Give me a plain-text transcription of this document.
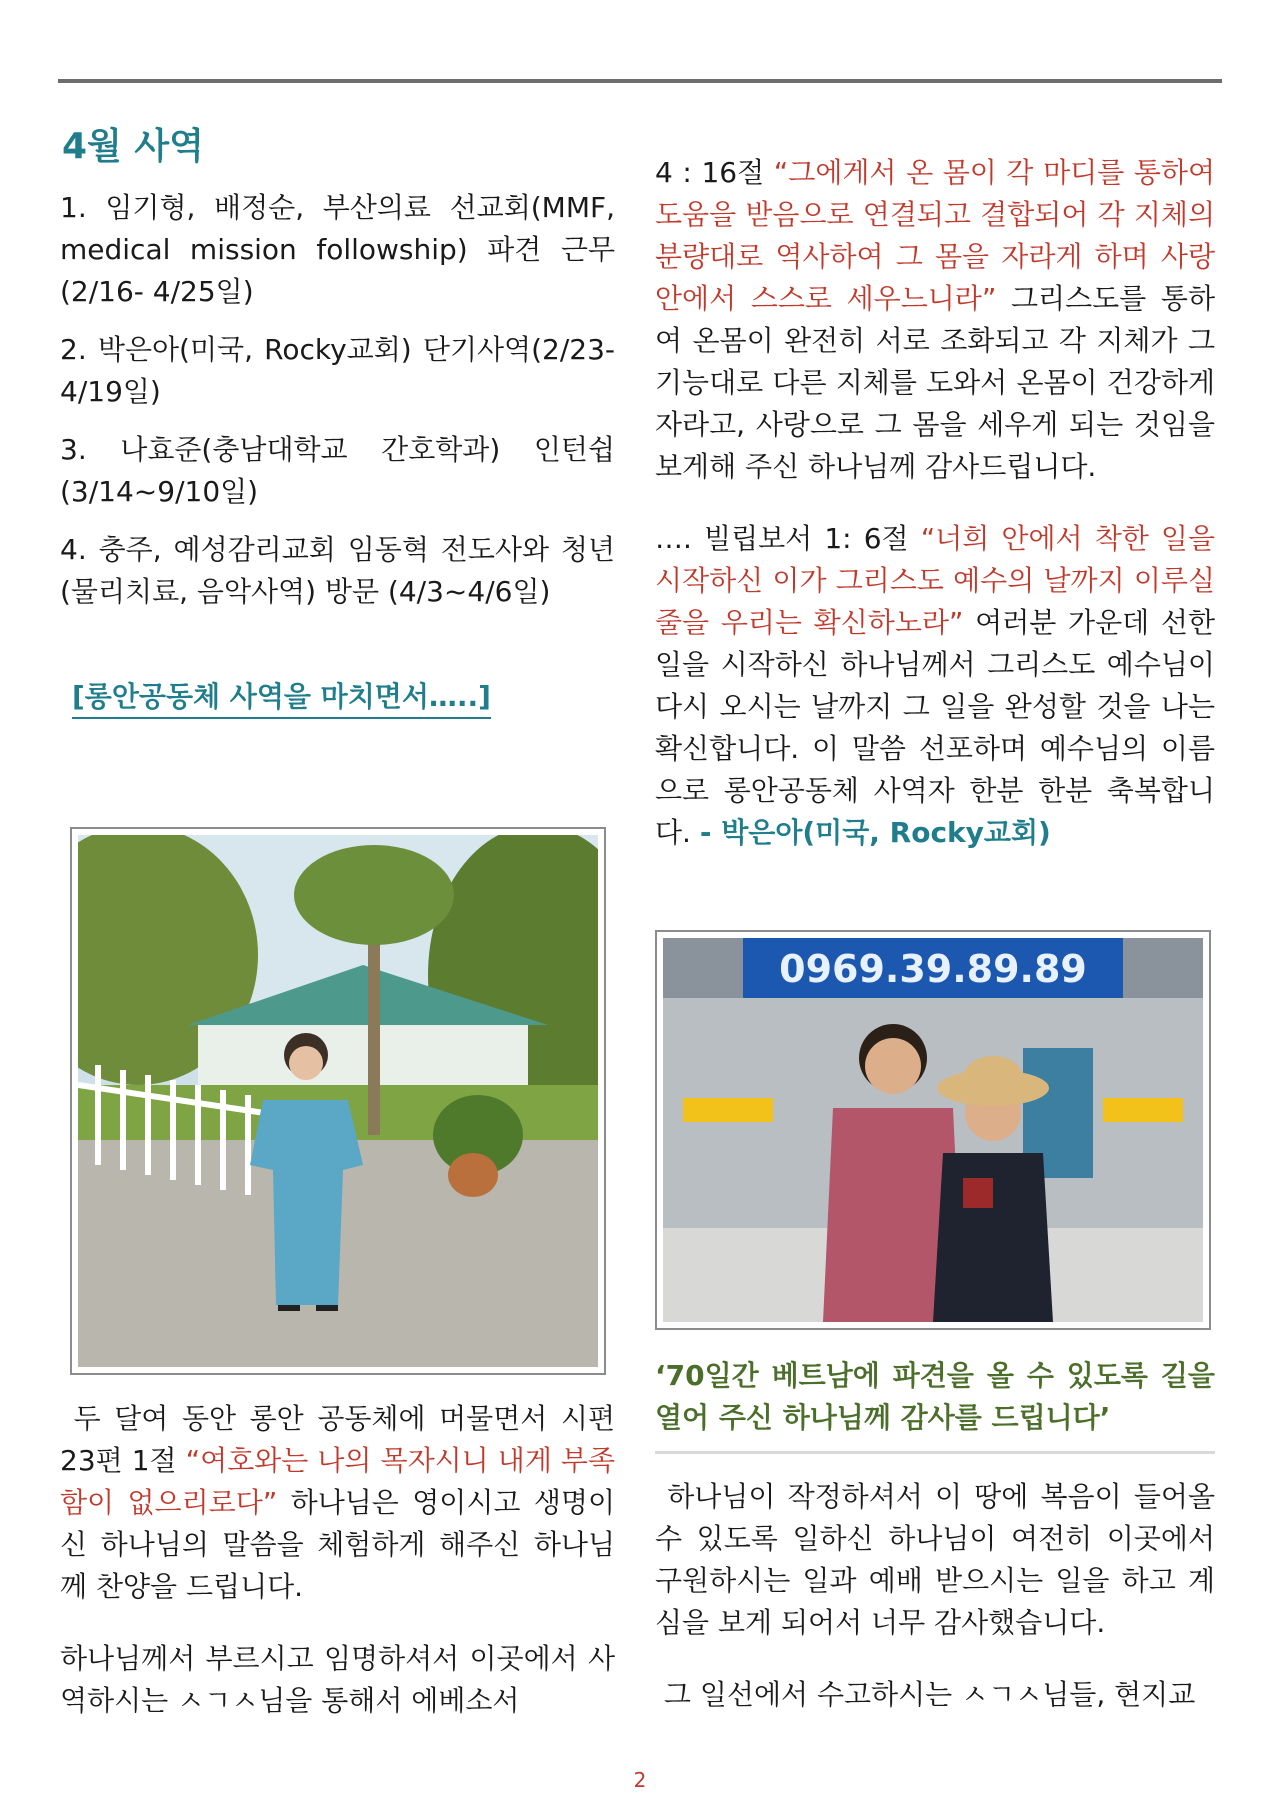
4월 사역

1. 임기형, 배정순, 부산의료 선교회(MMF, medical mission followship) 파견 근무 (2/16- 4/25일)

2. 박은아(미국, Rocky교회) 단기사역(2/23- 4/19일)

3. 나효준(충남대학교 간호학과) 인턴쉽(3/14~9/10일)

4. 충주, 예성감리교회 임동혁 전도사와 청년(물리치료, 음악사역) 방문 (4/3~4/6일)

[롱안공동체 사역을 마치면서…..]

두 달여 동안 롱안 공동체에 머물면서 시편 23편 1절 “여호와는 나의 목자시니 내게 부족함이 없으리로다” 하나님은 영이시고 생명이신 하나님의 말씀을 체험하게 해주신 하나님께 찬양을 드립니다.

하나님께서 부르시고 임명하셔서 이곳에서 사역하시는 ㅅㄱㅅ님을 통해서 에베소서

4 : 16절 “그에게서 온 몸이 각 마디를 통하여 도움을 받음으로 연결되고 결합되어 각 지체의 분량대로 역사하여 그 몸을 자라게 하며 사랑 안에서 스스로 세우느니라” 그리스도를 통하여 온몸이 완전히 서로 조화되고 각 지체가 그 기능대로 다른 지체를 도와서 온몸이 건강하게 자라고, 사랑으로 그 몸을 세우게 되는 것임을 보게해 주신 하나님께 감사드립니다.

…. 빌립보서 1: 6절 “너희 안에서 착한 일을 시작하신 이가 그리스도 예수의 날까지 이루실 줄을 우리는 확신하노라” 여러분 가운데 선한 일을 시작하신 하나님께서 그리스도 예수님이 다시 오시는 날까지 그 일을 완성할 것을 나는 확신합니다. 이 말씀 선포하며 예수님의 이름으로 롱안공동체 사역자 한분 한분 축복합니다. - 박은아(미국, Rocky교회)

0969.39.89.89

‘70일간 베트남에 파견을 올 수 있도록 길을 열어 주신 하나님께 감사를 드립니다’

하나님이 작정하셔서 이 땅에 복음이 들어올 수 있도록 일하신 하나님이 여전히 이곳에서 구원하시는 일과 예배 받으시는 일을 하고 계심을 보게 되어서 너무 감사했습니다.

그 일선에서 수고하시는 ㅅㄱㅅ님들, 현지교

2
